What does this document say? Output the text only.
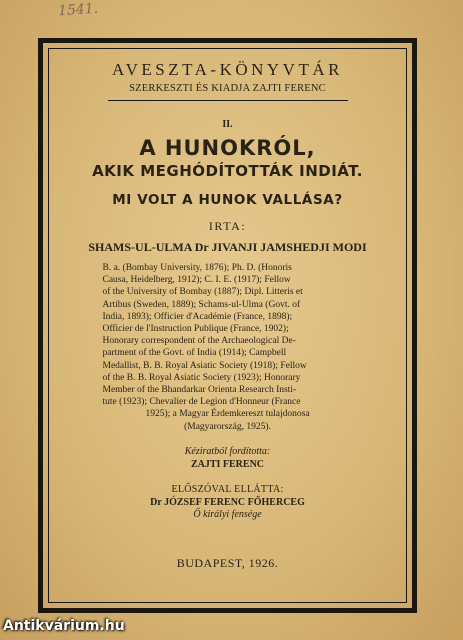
1541.
AVESZTA-KÖNYVTÁR
SZERKESZTI ÉS KIADJA ZAJTI FERENC
II.
A HUNOKRÓL,
AKIK MEGHÓDÍTOTTÁK INDIÁT.
MI VOLT A HUNOK VALLÁSA?
IRTA:
SHAMS-UL-ULMA Dr JIVANJI JAMSHEDJI MODI
B. a. (Bombay University, 1876); Ph. D. (Honoris
Causa, Heidelberg, 1912); C. I. E. (1917); Fellow
of the University of Bombay (1887); Dipl. Litteris et
Artibus (Sweden, 1889); Schams-ul-Ulma (Govt. of
India, 1893); Officier d'Académie (France, 1898);
Officier de l'Instruction Publique (France, 1902);
Honorary correspondent of the Archaeological De-
partment of the Govt. of India (1914); Campbell
Medallist, B. B. Royal Asiatic Society (1918); Fellow
of the B. B. Royal Asiatic Society (1923); Honorary
Member of the Bhandarkar Orienta Research Insti-
tute (1923); Chevalier de Legion d'Honneur (France
1925); a Magyar Érdemkereszt tulajdonosa
(Magyarország, 1925).
Kéziratból fordította:
ZAJTI FERENC
ELŐSZÓVAL ELLÁTTA:
Dr JÓZSEF FERENC FŐHERCEG
Ő királyi fensége
BUDAPEST, 1926.
Antikvárium.hu
